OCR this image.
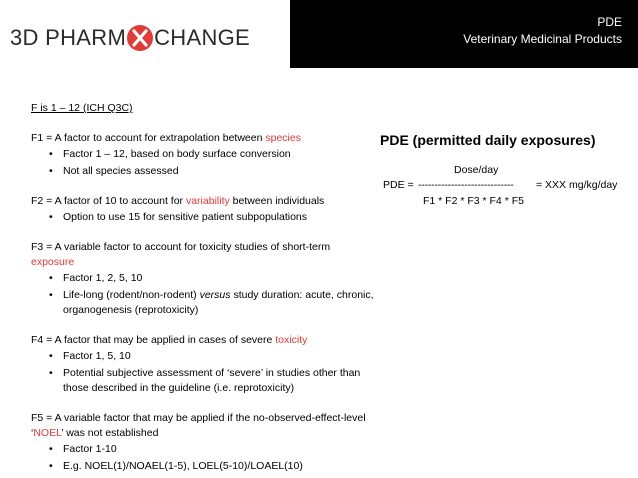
3D PHARM CHANGE
PDE
Veterinary Medicinal Products
F is 1 – 12 (ICH Q3C)
F1 = A factor to account for extrapolation between species
• Factor 1 – 12, based on body surface conversion
• Not all species assessed
F2 = A factor of 10 to account for variability between individuals
• Option to use 15 for sensitive patient subpopulations
F3 = A variable factor to account for toxicity studies of short-term exposure
• Factor 1, 2, 5, 10
• Life-long (rodent/non-rodent) versus study duration: acute, chronic, organogenesis (reprotoxicity)
F4 = A factor that may be applied in cases of severe toxicity
• Factor 1, 5, 10
• Potential subjective assessment of ‘severe’ in studies other than those described in the guideline (i.e. reprotoxicity)
F5 = A variable factor that may be applied if the no-observed-effect-level ‘NOEL’ was not established
• Factor 1-10
• E.g. NOEL(1)/NOAEL(1-5), LOEL(5-10)/LOAEL(10)
PDE (permitted daily exposures)
Dose/day
PDE = ----------------------------- = XXX mg/kg/day
F1 * F2 * F3 * F4 * F5
